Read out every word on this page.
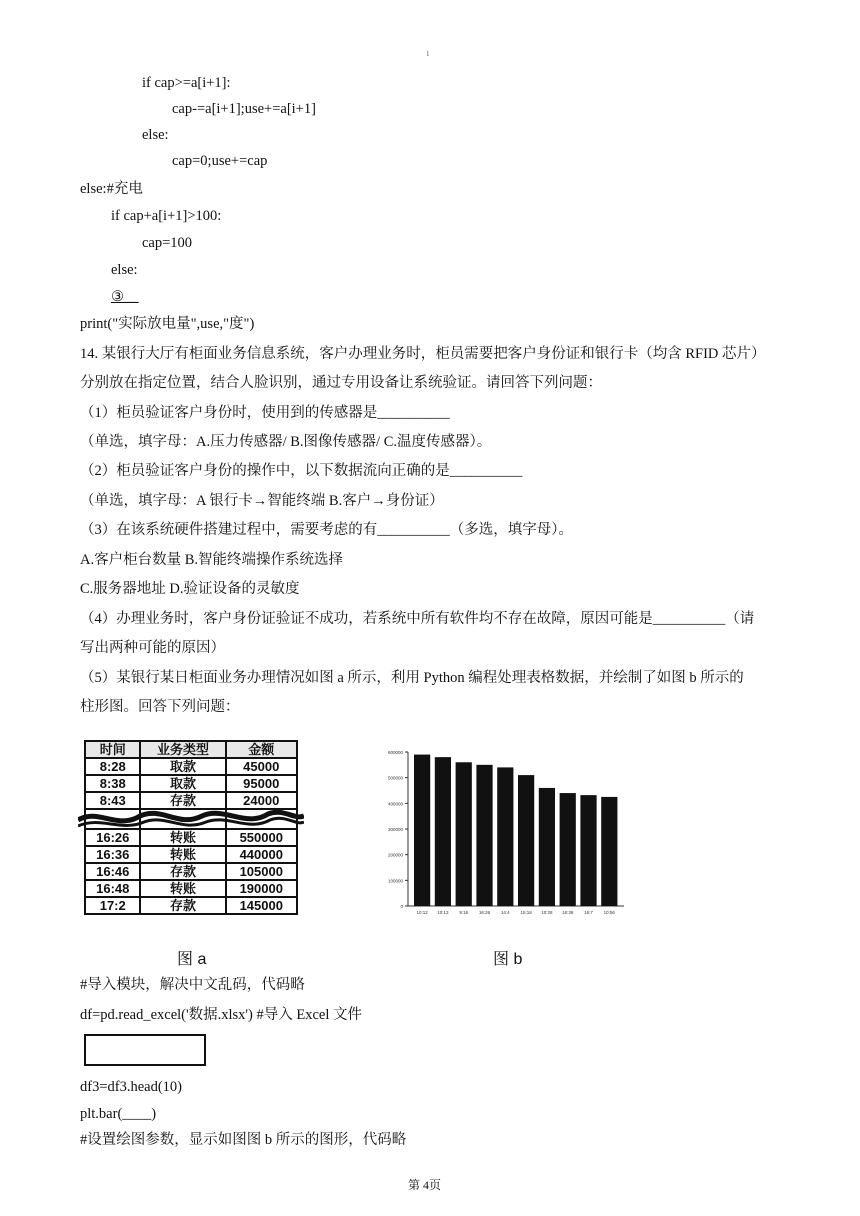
1
if cap>=a[i+1]:
cap-=a[i+1];use+=a[i+1]
else:
cap=0;use+=cap
else:#充电
if cap+a[i+1]>100:
cap=100
else:
③__
print("实际放电量",use,"度")
14. 某银行大厅有柜面业务信息系统，客户办理业务时，柜员需要把客户身份证和银行卡（均含 RFID 芯片）
分别放在指定位置，结合人脸识别，通过专用设备让系统验证。请回答下列问题：
（1）柜员验证客户身份时，使用到的传感器是__________
（单选，填字母：A.压力传感器/ B.图像传感器/ C.温度传感器）。
（2）柜员验证客户身份的操作中，以下数据流向正确的是__________
（单选，填字母：A 银行卡→智能终端 B.客户→身份证）
（3）在该系统硬件搭建过程中，需要考虑的有__________（多选，填字母）。
A.客户柜台数量 B.智能终端操作系统选择
C.服务器地址 D.验证设备的灵敏度
（4）办理业务时，客户身份证验证不成功，若系统中所有软件均不存在故障，原因可能是__________（请
写出两种可能的原因）
（5）某银行某日柜面业务办理情况如图 a 所示，利用 Python 编程处理表格数据，并绘制了如图 b 所示的
柱形图。回答下列问题：
时间	业务类型	金额
8:28	取款	45000
8:38	取款	95000
8:43	存款	24000

16:26	转账	550000
16:36	转账	440000
16:46	存款	105000
16:48	转账	190000
17:2	存款	145000
图 a
0
100000
200000
300000
400000
500000
600000
10:12 10:13 9:16 16:26 14:4 15:18 10:28 16:36 16:7 10:56
图 b
#导入模块，解决中文乱码，代码略
df=pd.read_excel('数据.xlsx') #导入 Excel 文件
df3=df3.head(10)
plt.bar(____)
#设置绘图参数，显示如图图 b 所示的图形，代码略
第 4页
